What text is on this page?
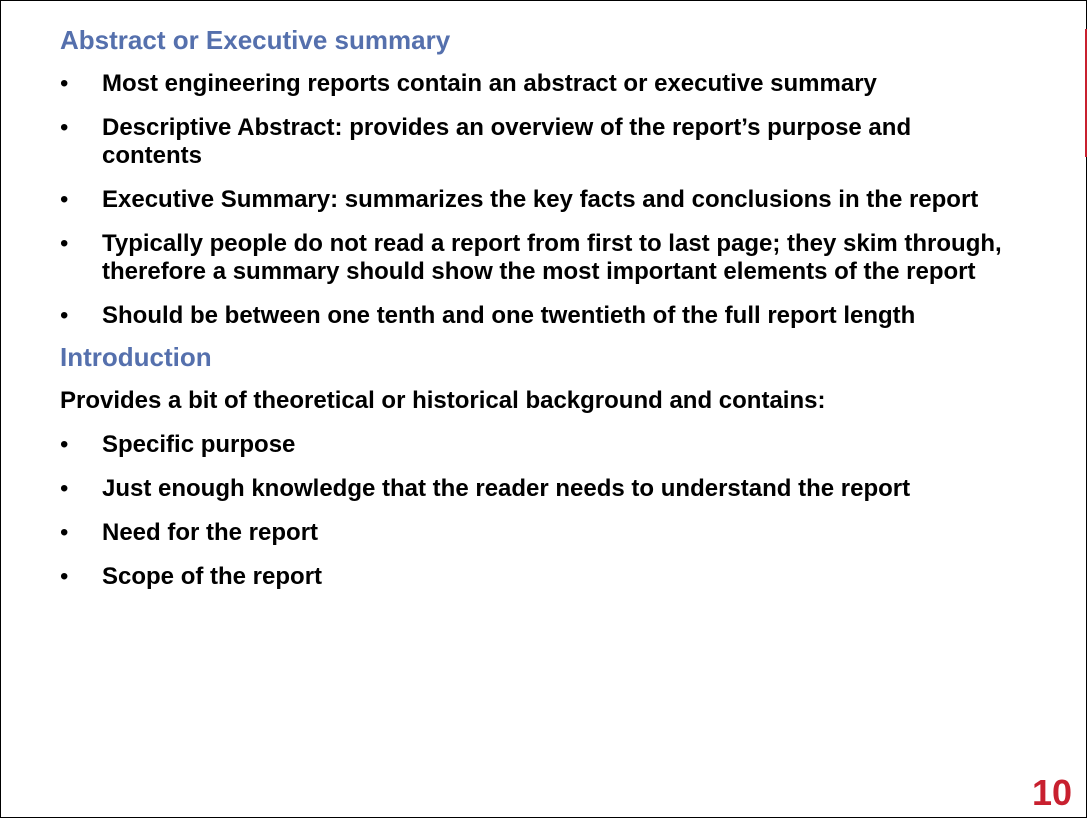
Abstract or Executive summary

• Most engineering reports contain an abstract or executive summary
• Descriptive Abstract: provides an overview of the report’s purpose and contents
• Executive Summary: summarizes the key facts and conclusions in the report
• Typically people do not read a report from first to last page; they skim through, therefore a summary should show the most important elements of the report
• Should be between one tenth and one twentieth of the full report length

Introduction

Provides a bit of theoretical or historical background and contains:

• Specific purpose
• Just enough knowledge that the reader needs to understand the report
• Need for the report
• Scope of the report
10
